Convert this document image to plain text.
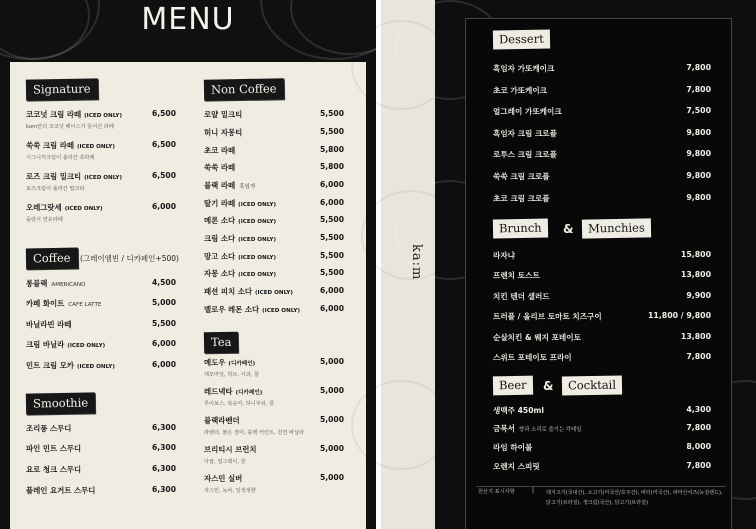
MENU
Signature
코코넛 크림 라떼 (ICED ONLY)
kam만의 코코넛 베이스가 들어간 라떼
6,500
쑥쑥 크림 라떼 (ICED ONLY)
시그니처크림이 올라간 쑥라떼
6,500
로즈 크림 밀크티 (ICED ONLY)
로즈크림이 올라간 밀크티
6,500
오레그랏세 (ICED ONLY)
돌랏식 연유라떼
6,000
Coffee	(그레이엠빈 / 디카페인+500)
롱블랙 AMERICANO	4,500
카페 화이트 CAFE LATTE	5,000
바닐라빈 라떼	5,500
크림 바닐라 (ICED ONLY)	6,000
민트 크림 모카 (ICED ONLY)	6,000
Smoothie
조리퐁 스무디	6,300
파인 민트 스무디	6,300
요로 청크 스무디	6,300
플레인 요거트 스무디	6,300
Non Coffee
로얄 밀크티	5,500
허니 자몽티	5,500
초코 라떼	5,800
쑥쑥 라떼	5,800
블랙 라떼 흑임자	6,000
딸기 라떼 (ICED ONLY)	6,000
메론 소다 (ICED ONLY)	5,500
크림 소다 (ICED ONLY)	5,500
망고 소다 (ICED ONLY)	5,500
자몽 소다 (ICED ONLY)	5,500
패션 피치 소다 (ICED ONLY)	6,000
멜로우 레몬 소다 (ICED ONLY)	6,000
Tea
메도우 (디카페인)
캐모마일, 허브, 사과, 꿀
5,000
레드넥타 (디카페인)
루이보스, 복숭아, 허니부쉬, 꿀
5,000
블랙라벤더
라벤더, 붉은 장미, 블랙 커런트, 천연 바닐라
5,000
브리티시 브런치
아쌈, 얼그레이, 꿀
5,000
자스민 실버
자스민, 녹차, 잎색생향
5,000
ka:m
Dessert
흑임자 가또케이크	7,800
초코 가또케이크	7,800
얼그레이 가또케이크	7,500
흑임자 크림 크로플	9,800
로투스 크림 크로플	9,800
쑥쑥 크림 크로플	9,800
초코 크림 크로플	9,800
Brunch	&	Munchies
라자냐	15,800
프렌치 토스트	13,800
치킨 텐더 샐러드	9,900
트러플 / 올리브 토마토 치즈구이	11,800 / 9,800
순살치킨 & 웨지 포테이토	13,800
스위트 포테이토 프라이	7,800
Beer	&	Cocktail
생맥주 450ml	4,300
금목서 향과 소리로 즐기는 칵테일	7,800
라임 하이볼	8,000
오렌지 스피릿	7,800
원산지 표시사항	| 돼지고기(국내산), 소고기(미국산/호주산), 버터(미국산), 파마산치즈(뉴질랜드), 닭고기(브라질), 생크림(국산), 닭고기(브라질)
